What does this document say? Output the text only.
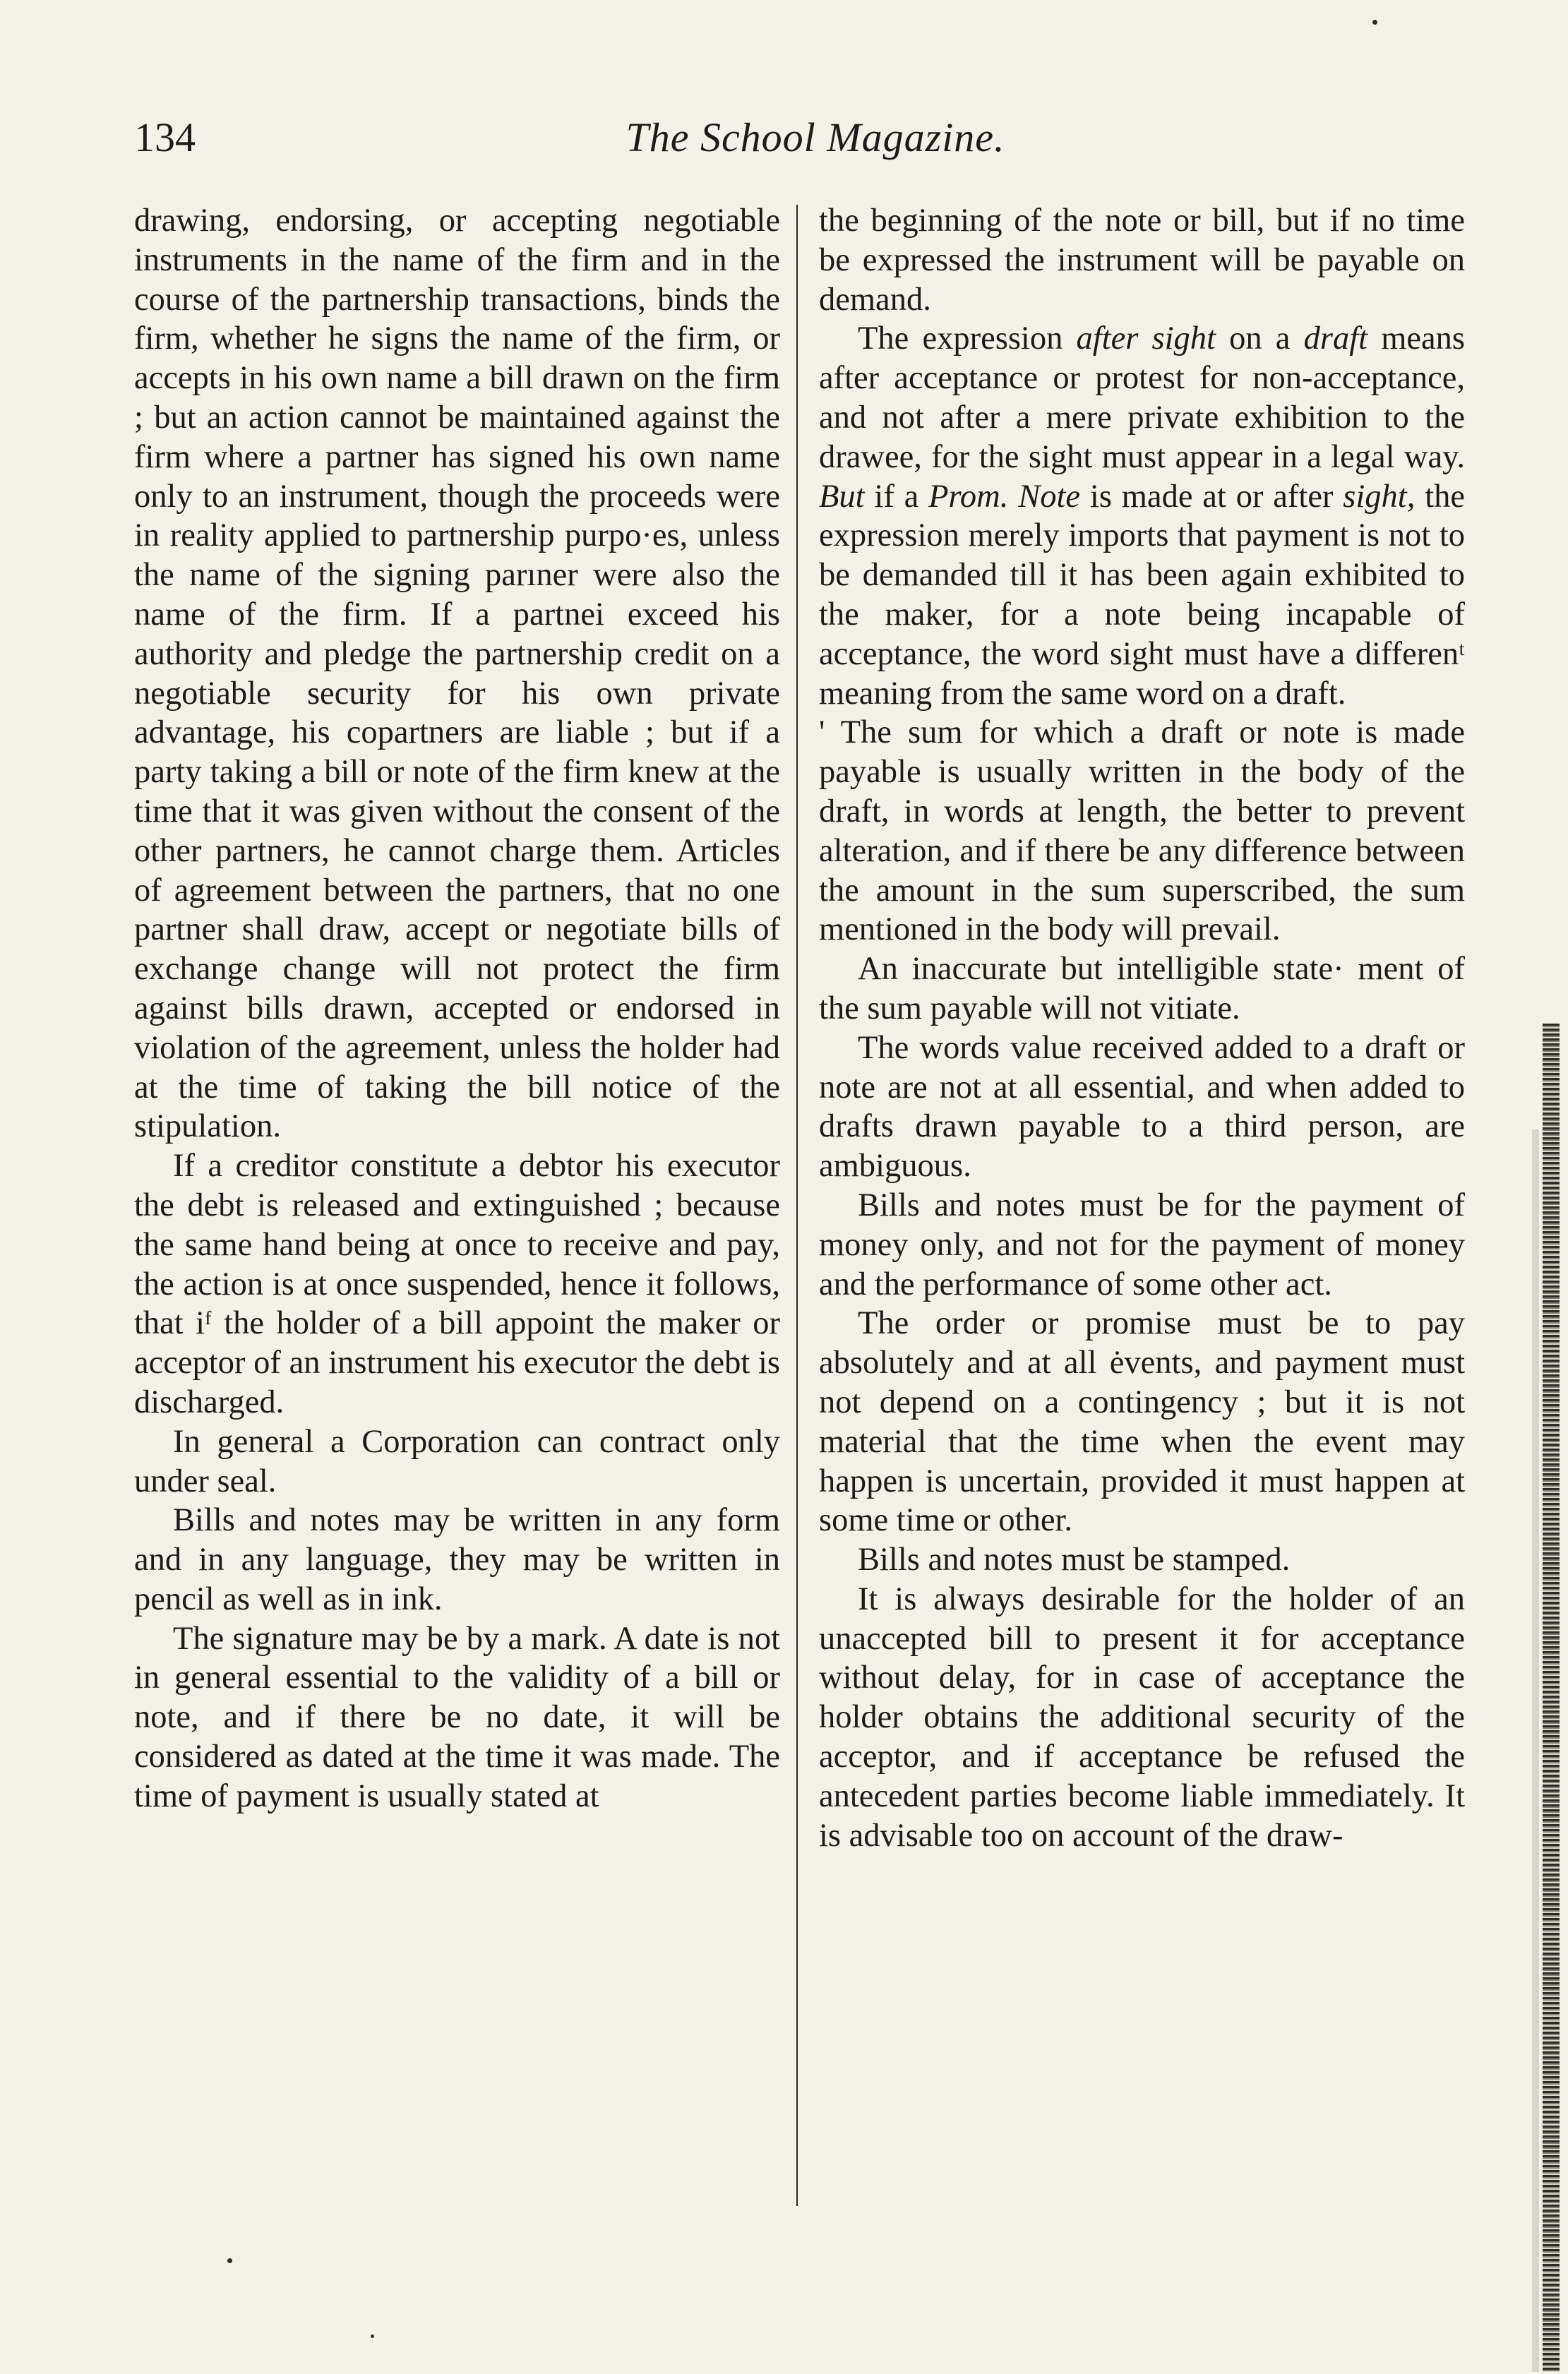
134	The School Magazine.

drawing, endorsing, or accepting negotiable instruments in the name of the firm and in the course of the partnership transactions, binds the firm, whether he signs the name of the firm, or accepts in his own name a bill drawn on the firm ; but an action cannot be maintained against the firm where a partner has signed his own name only to an instrument, though the proceeds were in reality applied to partnership purpo·es, unless the name of the signing parıner were also the name of the firm. If a partnei exceed his authority and pledge the partnership credit on a negotiable security for his own private advantage, his copartners are liable ; but if a party taking a bill or note of the firm knew at the time that it was given without the consent of the other partners, he cannot charge them. Articles of agreement between the partners, that no one partner shall draw, accept or negotiate bills of exchange change will not protect the firm against bills drawn, accepted or endorsed in violation of the agreement, unless the holder had at the time of taking the bill notice of the stipulation.

If a creditor constitute a debtor his executor the debt is released and extinguished ; because the same hand being at once to receive and pay, the action is at once suspended, hence it follows, that iᶠ the holder of a bill appoint the maker or acceptor of an instrument his executor the debt is discharged.

In general a Corporation can contract only under seal.

Bills and notes may be written in any form and in any language, they may be written in pencil as well as in ink.

The signature may be by a mark. A date is not in general essential to the validity of a bill or note, and if there be no date, it will be considered as dated at the time it was made. The time of payment is usually stated at

the beginning of the note or bill, but if no time be expressed the instrument will be payable on demand.

The expression after sight on a draft means after acceptance or protest for non-acceptance, and not after a mere private exhibition to the drawee, for the sight must appear in a legal way. But if a Prom. Note is made at or after sight, the expression merely imports that payment is not to be demanded till it has been again exhibited to the maker, for a note being incapable of acceptance, the word sight must have a differenᵗ meaning from the same word on a draft.

' The sum for which a draft or note is made payable is usually written in the body of the draft, in words at length, the better to prevent alteration, and if there be any difference between the amount in the sum superscribed, the sum mentioned in the body will prevail.

An inaccurate but intelligible state· ment of the sum payable will not vitiate.

The words value received added to a draft or note are not at all essential, and when added to drafts drawn payable to a third person, are ambiguous.

Bills and notes must be for the payment of money only, and not for the payment of money and the performance of some other act.

The order or promise must be to pay absolutely and at all ėvents, and payment must not depend on a contingency ; but it is not material that the time when the event may happen is uncertain, provided it must happen at some time or other.

Bills and notes must be stamped.

It is always desirable for the holder of an unaccepted bill to present it for acceptance without delay, for in case of acceptance the holder obtains the additional security of the acceptor, and if acceptance be refused the antecedent parties become liable immediately. It is advisable too on account of the draw-
